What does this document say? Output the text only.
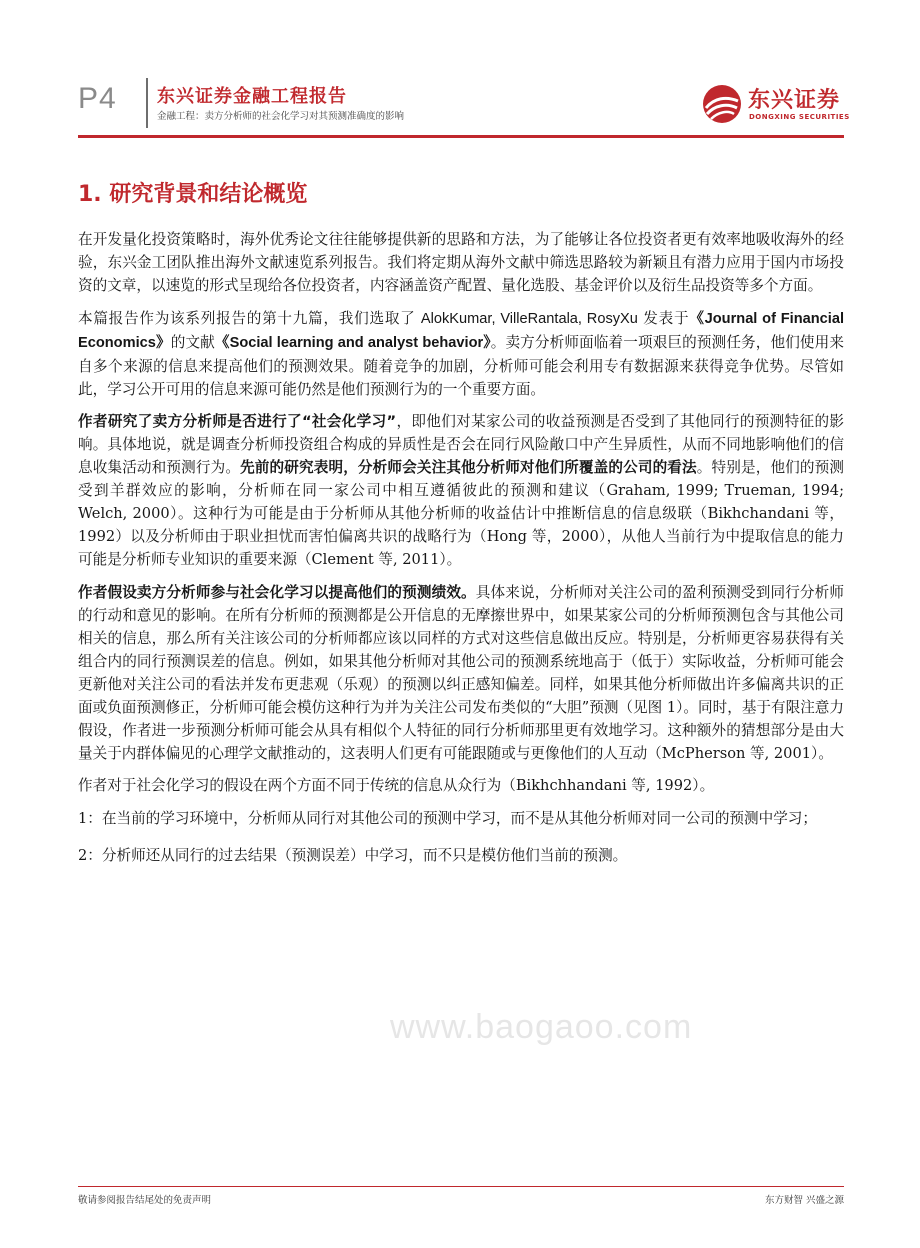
P4 东兴证券金融工程报告
金融工程：卖方分析师的社会化学习对其预测准确度的影响
东兴证券
DONGXING SECURITIES
1. 研究背景和结论概览

在开发量化投资策略时，海外优秀论文往往能够提供新的思路和方法，为了能够让各位投资者更有效率地吸收海外的经验，东兴金工团队推出海外文献速览系列报告。我们将定期从海外文献中筛选思路较为新颖且有潜力应用于国内市场投资的文章，以速览的形式呈现给各位投资者，内容涵盖资产配置、量化选股、基金评价以及衍生品投资等多个方面。

本篇报告作为该系列报告的第十九篇，我们选取了 AlokKumar, VilleRantala, RosyXu 发表于《Journal of Financial Economics》的文献《Social learning and analyst behavior》。卖方分析师面临着一项艰巨的预测任务，他们使用来自多个来源的信息来提高他们的预测效果。随着竞争的加剧，分析师可能会利用专有数据源来获得竞争优势。尽管如此，学习公开可用的信息来源可能仍然是他们预测行为的一个重要方面。

作者研究了卖方分析师是否进行了“社会化学习”，即他们对某家公司的收益预测是否受到了其他同行的预测特征的影响。具体地说，就是调查分析师投资组合构成的异质性是否会在同行风险敞口中产生异质性，从而不同地影响他们的信息收集活动和预测行为。先前的研究表明，分析师会关注其他分析师对他们所覆盖的公司的看法。特别是，他们的预测受到羊群效应的影响，分析师在同一家公司中相互遵循彼此的预测和建议（Graham, 1999; Trueman, 1994; Welch, 2000）。这种行为可能是由于分析师从其他分析师的收益估计中推断信息的信息级联（Bikhchandani 等，1992）以及分析师由于职业担忧而害怕偏离共识的战略行为（Hong 等，2000），从他人当前行为中提取信息的能力可能是分析师专业知识的重要来源（Clement 等, 2011）。

作者假设卖方分析师参与社会化学习以提高他们的预测绩效。具体来说，分析师对关注公司的盈利预测受到同行分析师的行动和意见的影响。在所有分析师的预测都是公开信息的无摩擦世界中，如果某家公司的分析师预测包含与其他公司相关的信息，那么所有关注该公司的分析师都应该以同样的方式对这些信息做出反应。特别是，分析师更容易获得有关组合内的同行预测误差的信息。例如，如果其他分析师对其他公司的预测系统地高于（低于）实际收益，分析师可能会更新他对关注公司的看法并发布更悲观（乐观）的预测以纠正感知偏差。同样，如果其他分析师做出许多偏离共识的正面或负面预测修正，分析师可能会模仿这种行为并为关注公司发布类似的“大胆”预测（见图 1）。同时，基于有限注意力假设，作者进一步预测分析师可能会从具有相似个人特征的同行分析师那里更有效地学习。这种额外的猜想部分是由大量关于内群体偏见的心理学文献推动的，这表明人们更有可能跟随或与更像他们的人互动（McPherson 等, 2001）。

作者对于社会化学习的假设在两个方面不同于传统的信息从众行为（Bikhchhandani 等, 1992）。

1：在当前的学习环境中，分析师从同行对其他公司的预测中学习，而不是从其他分析师对同一公司的预测中学习；

2：分析师还从同行的过去结果（预测误差）中学习，而不只是模仿他们当前的预测。

www.baogaoo.com
敬请参阅报告结尾处的免责声明	东方财智 兴盛之源
